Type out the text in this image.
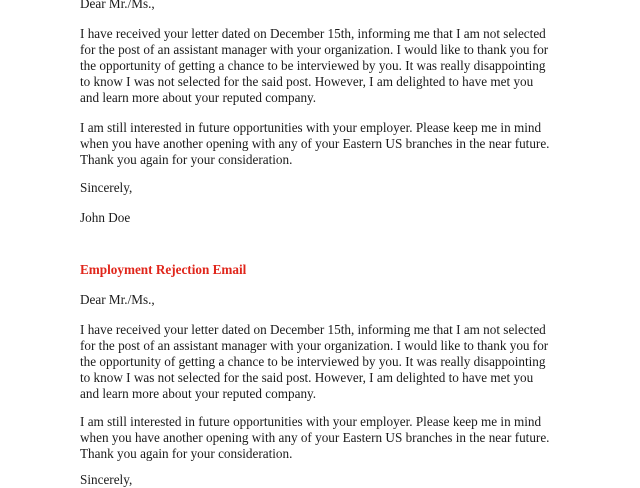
Dear Mr./Ms.,

I have received your letter dated on December 15th, informing me that I am not selected

for the post of an assistant manager with your organization. I would like to thank you for

the opportunity of getting a chance to be interviewed by you. It was really disappointing

to know I was not selected for the said post. However, I am delighted to have met you

and learn more about your reputed company.

I am still interested in future opportunities with your employer. Please keep me in mind

when you have another opening with any of your Eastern US branches in the near future.

Thank you again for your consideration.

Sincerely,

John Doe

Employment Rejection Email

Dear Mr./Ms.,

I have received your letter dated on December 15th, informing me that I am not selected

for the post of an assistant manager with your organization. I would like to thank you for

the opportunity of getting a chance to be interviewed by you. It was really disappointing

to know I was not selected for the said post. However, I am delighted to have met you

and learn more about your reputed company.

I am still interested in future opportunities with your employer. Please keep me in mind

when you have another opening with any of your Eastern US branches in the near future.

Thank you again for your consideration.

Sincerely,
